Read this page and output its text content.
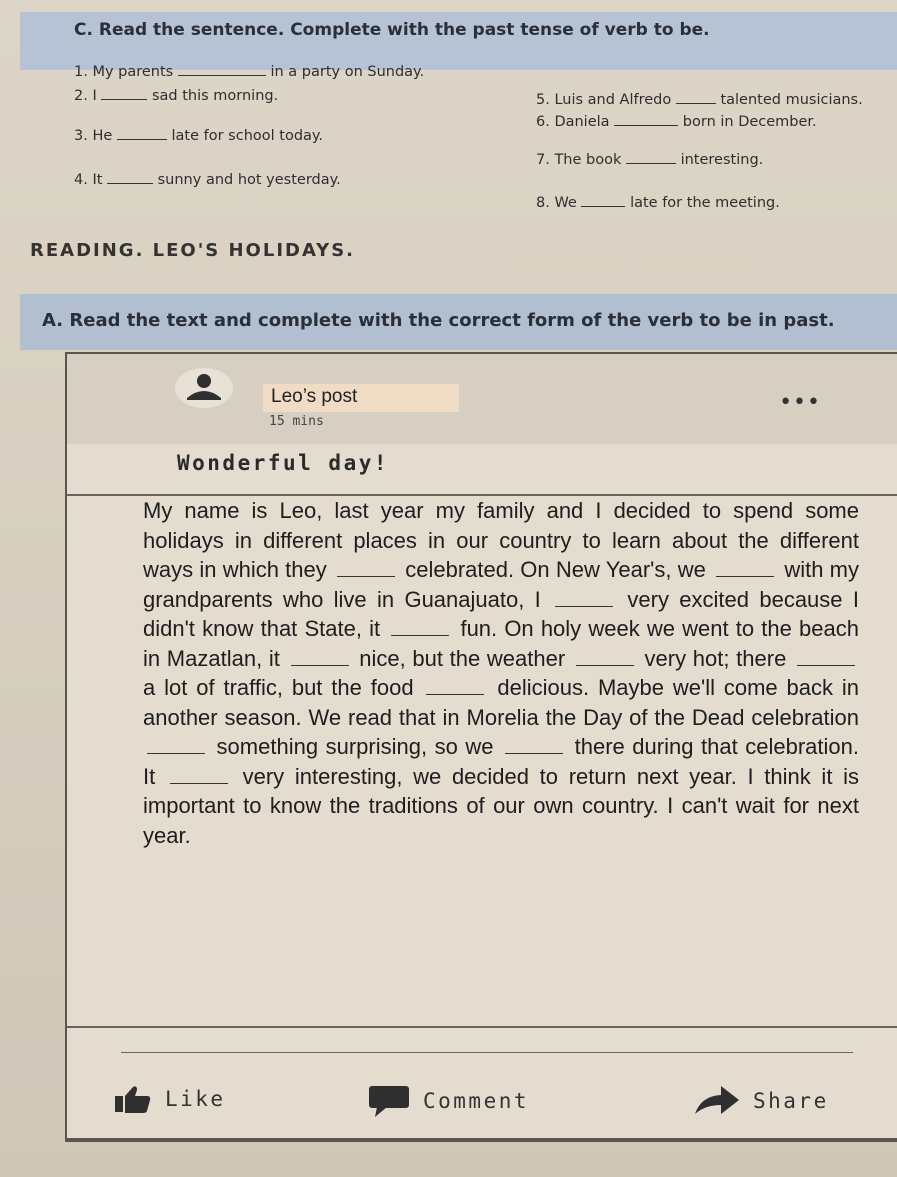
C. Read the sentence. Complete with the past tense of verb to be.
1. My parents	in a party on Sunday.
2. I	sad this morning.
3. He	late for school today.
4. It	sunny and hot yesterday.
5. Luis and Alfredo	talented musicians.
6. Daniela	born in December.
7. The book	interesting.
8. We	late for the meeting.
READING. LEO'S HOLIDAYS.
A. Read the text and complete with the correct form of the verb to be in past.
Leo’s post
15 mins
•••
Wonderful day!
My name is Leo, last year my family and I decided to spend some holidays in different places in our country to learn about the different ways in which they	celebrated. On New Year's, we	with my grandparents who live in Guanajuato, I	very excited because I didn't know that State, it	fun. On holy week we went to the beach in Mazatlan, it	nice, but the weather	very hot; there  a lot of traffic, but the food	delicious. Maybe we'll come back in another season. We read that in Morelia the Day of the Dead celebration  something surprising, so we	there during that celebration. It	very interesting, we decided to return next year. I think it is important to know the traditions of our own country. I can't wait for next year.
Like	Comment	Share
